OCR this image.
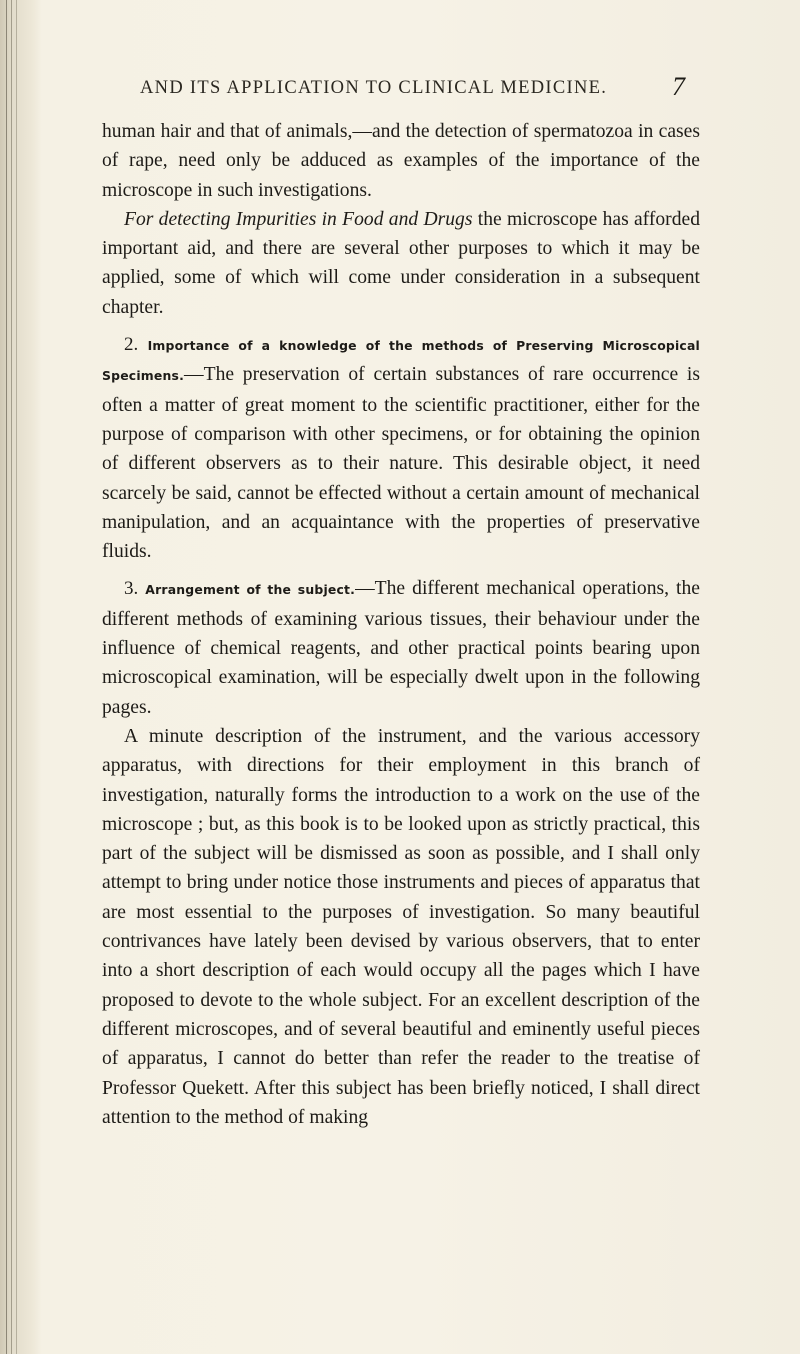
AND ITS APPLICATION TO CLINICAL MEDICINE.	7

human hair and that of animals,—and the detection of spermatozoa in cases of rape, need only be adduced as examples of the importance of the microscope in such investigations.

For detecting Impurities in Food and Drugs the microscope has afforded important aid, and there are several other purposes to which it may be applied, some of which will come under consideration in a subsequent chapter.

2. Importance of a knowledge of the methods of Preserving Microscopical Specimens.—The preservation of certain substances of rare occurrence is often a matter of great moment to the scientific practitioner, either for the purpose of comparison with other specimens, or for obtaining the opinion of different observers as to their nature. This desirable object, it need scarcely be said, cannot be effected without a certain amount of mechanical manipulation, and an acquaintance with the properties of preservative fluids.

3. Arrangement of the subject.—The different mechanical operations, the different methods of examining various tissues, their behaviour under the influence of chemical reagents, and other practical points bearing upon microscopical examination, will be especially dwelt upon in the following pages.

A minute description of the instrument, and the various accessory apparatus, with directions for their employment in this branch of investigation, naturally forms the introduction to a work on the use of the microscope ; but, as this book is to be looked upon as strictly practical, this part of the subject will be dismissed as soon as possible, and I shall only attempt to bring under notice those instruments and pieces of apparatus that are most essential to the purposes of investigation. So many beautiful contrivances have lately been devised by various observers, that to enter into a short description of each would occupy all the pages which I have proposed to devote to the whole subject. For an excellent description of the different microscopes, and of several beautiful and eminently useful pieces of apparatus, I cannot do better than refer the reader to the treatise of Professor Quekett. After this subject has been briefly noticed, I shall direct attention to the method of making
